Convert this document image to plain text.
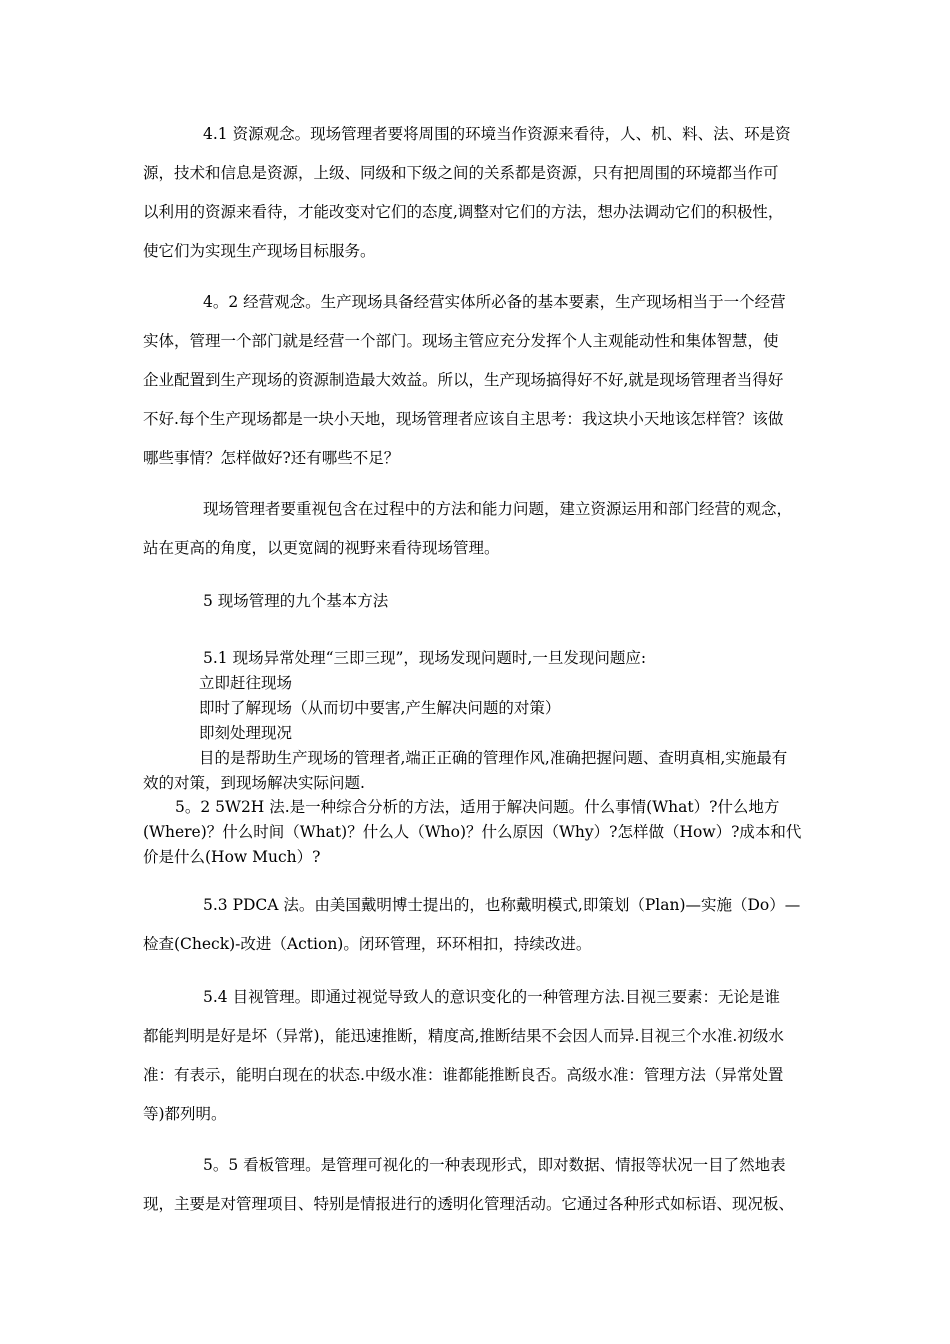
4.1 资源观念。现场管理者要将周围的环境当作资源来看待，人、机、料、法、环是资

源，技术和信息是资源，上级、同级和下级之间的关系都是资源，只有把周围的环境都当作可

以利用的资源来看待，才能改变对它们的态度,调整对它们的方法，想办法调动它们的积极性，

使它们为实现生产现场目标服务。

4。2 经营观念。生产现场具备经营实体所必备的基本要素，生产现场相当于一个经营

实体，管理一个部门就是经营一个部门。现场主管应充分发挥个人主观能动性和集体智慧，使

企业配置到生产现场的资源制造最大效益。所以，生产现场搞得好不好,就是现场管理者当得好

不好.每个生产现场都是一块小天地，现场管理者应该自主思考：我这块小天地该怎样管？该做

哪些事情？怎样做好?还有哪些不足？

现场管理者要重视包含在过程中的方法和能力问题，建立资源运用和部门经营的观念，

站在更高的角度，以更宽阔的视野来看待现场管理。

5 现场管理的九个基本方法

5.1 现场异常处理“三即三现”，现场发现问题时,一旦发现问题应:

立即赶往现场

即时了解现场（从而切中要害,产生解决问题的对策）

即刻处理现况

目的是帮助生产现场的管理者,端正正确的管理作风,准确把握问题、查明真相,实施最有

效的对策，到现场解决实际问题.

5。2 5W2H 法.是一种综合分析的方法，适用于解决问题。什么事情(What）?什么地方

(Where)？什么时间（What)？什么人（Who)？什么原因（Why）?怎样做（How）?成本和代

价是什么(How Much）?

5.3 PDCA 法。由美国戴明博士提出的，也称戴明模式,即策划（Plan)—实施（Do）—

检查(Check)-改进（Action)。闭环管理，环环相扣，持续改进。

5.4 目视管理。即通过视觉导致人的意识变化的一种管理方法.目视三要素：无论是谁

都能判明是好是坏（异常)，能迅速推断，精度高,推断结果不会因人而异.目视三个水准.初级水

准：有表示，能明白现在的状态.中级水准：谁都能推断良否。高级水准：管理方法（异常处置

等)都列明。

5。5 看板管理。是管理可视化的一种表现形式，即对数据、情报等状况一目了然地表

现，主要是对管理项目、特别是情报进行的透明化管理活动。它通过各种形式如标语、现况板、
